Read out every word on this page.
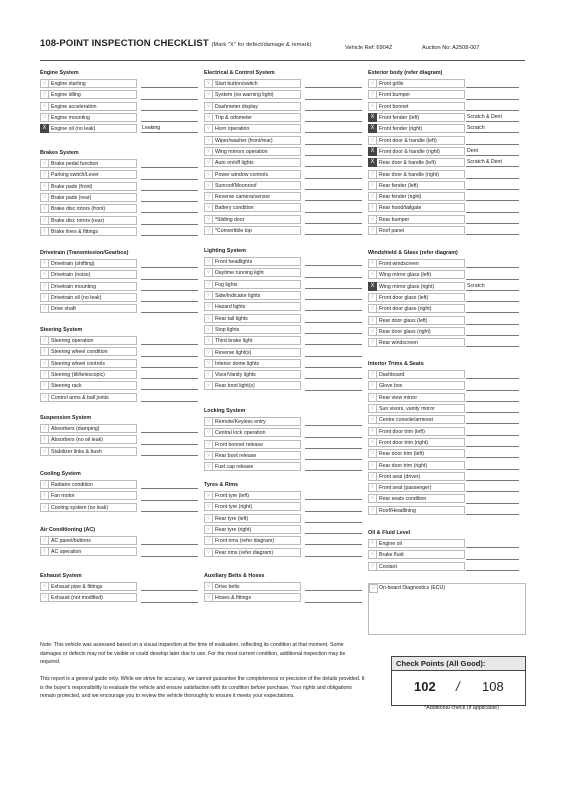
108-POINT INSPECTION CHECKLIST (Mark "X" for defect/damage & remark)	Vehicle Ref: 6904Z	Auction No: A2508-007
Engine System
√ Engine starting
√ Engine idling
√ Engine acceleration
√ Engine mounting
X Engine oil (no leak)	Leaking
Brakes System
√ Brake pedal function
√ Parking switch/Lever
√ Brake pads (front)
√ Brake pads (rear)
√ Brake disc rotors (front)
√ Brake disc rotors (rear)
√ Brake lines & fittings
Drivetrain (Transmission/Gearbox)
√ Drivetrain (shifting)
√ Drivetrain (noise)
√ Drivetrain mounting
√ Drivetrain oil (no leak)
√ Drive shaft
Steering System
√ Steering operation
√ Steering wheel condition
√ Steering wheel controls
√ Steering (tilt/telescopic)
√ Steering rack
√ Control arms & ball joints
Suspension System
√ Absorbers (damping)
√ Absorbers (no oil leak)
√ Stabilizer links & bush
Cooling System
√ Radiator condition
√ Fan motor
√ Cooling system (no leak)
Air Conditioning (AC)
√ AC panel/buttons
√ AC operation
Exhaust System
√ Exhaust pipe & fittings
√ Exhaust (not modified)
Electrical & Control System
√ Start button/switch
√ System (no warning light)
√ Dashmeter display
√ Trip & odometer
√ Horn operation
√ Wiper/washer (front/rear)
√ Wing mirrors operation
√ Auto on/off lights
√ Power window controls
√ Sunroof/Moonroof
√ Reverse camera/sensor
√ Battery condition
√ *Sliding door
√ *Convertible top
Lighting System
√ Front headlights
√ Daytime running light
√ Fog lights
√ Side/Indicator lights
√ Hazard lights
√ Rear tail lights
√ Stop lights
√ Third brake light
√ Reverse light(s)
√ Interior dome lights
√ Visor/Vanity lights
√ Rear boot light(s)
Locking System
√ Remote/Keyless entry
√ Central lock operation
√ Front bonnet release
√ Rear boot release
√ Fuel cap release
Tyres & Rims
√ Front tyre (left)
√ Front tyre (right)
√ Rear tyre (left)
√ Rear tyre (right)
√ Front rims (refer diagram)
√ Rear rims (refer diagram)
Auxiliary Belts & Hoses
√ Drive belts
√ Hoses & fittings
Exterior body (refer diagram)
√ Front grille
√ Front bumper
√ Front bonnet
X Front fender (left)	Scratch & Dent
X Front fender (right)	Scratch
√ Front door & handle (left)
X Front door & handle (right)	Dent
X Rear door & handle (left)	Scratch & Dent
√ Rear door & handle (right)
√ Rear fender (left)
√ Rear fender (right)
√ Rear hood/tailgate
√ Rear bumper
√ Roof panel
Windshield & Glass (refer diagram)
√ Front windscreen
√ Wing mirror glass (left)
X Wing mirror glass (right)	Scratch
√ Front door glass (left)
√ Front door glass (right)
√ Rear door glass (left)
√ Rear door glass (right)
√ Rear windscreen
Interior Trims & Seats
√ Dashboard
√ Glove box
√ Rear view mirror
√ Sun visors, vanity mirror
√ Centre console/armrest
√ Front door trim (left)
√ Front door trim (right)
√ Rear door trim (left)
√ Rear door trim (right)
√ Front seat (driver)
√ Front seat (passenger)
√ Rear seats condition
√ Roof/Headlining
Oil & Fluid Level
√ Engine oil
√ Brake fluid
√ Coolant
√ On-board Diagnostics (ECU)
·
·
·
Note: This vehicle was assessed based on a visual inspection at the time of evaluation, reflecting its condition at that moment. Some damages or defects may not be visible or could develop later due to use. For the most current condition, additional inspection may be required.
This report is a general guide only. While we strive for accuracy, we cannot guarantee the completeness or precision of the details provided. It is the buyer's responsibility to evaluate the vehicle and ensure satisfaction with its condition before purchase. Your rights and obligations remain protected, and we encourage you to review the vehicle thoroughly to ensure it meets your expectations.
Check Points (All Good):
102 / 108
*Additional check (if applicable)
